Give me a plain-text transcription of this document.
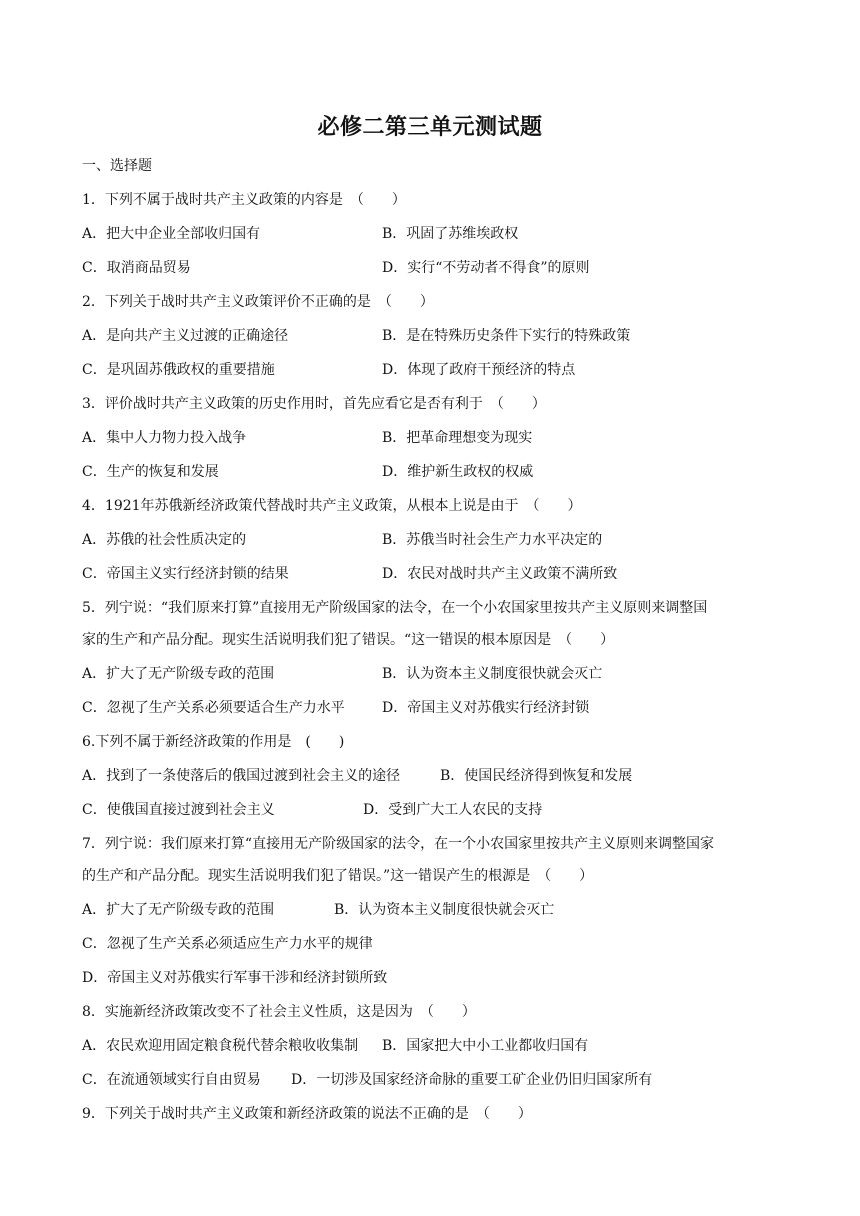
必修二第三单元测试题
一、选择题
1．下列不属于战时共产主义政策的内容是　（　　）
A．把大中企业全部收归国有	B．巩固了苏维埃政权
C．取消商品贸易	D．实行“不劳动者不得食”的原则
2．下列关于战时共产主义政策评价不正确的是　（　　）
A．是向共产主义过渡的正确途径	B．是在特殊历史条件下实行的特殊政策
C．是巩固苏俄政权的重要措施	D．体现了政府干预经济的特点
3．评价战时共产主义政策的历史作用时，首先应看它是否有利于　（　　）
A．集中人力物力投入战争	B．把革命理想变为现实
C．生产的恢复和发展	D．维护新生政权的权威
4．1921年苏俄新经济政策代替战时共产主义政策，从根本上说是由于　（　　）
A．苏俄的社会性质决定的	B．苏俄当时社会生产力水平决定的
C．帝国主义实行经济封锁的结果	D．农民对战时共产主义政策不满所致
5．列宁说：“我们原来打算”直接用无产阶级国家的法令，在一个小农国家里按共产主义原则来调整国
家的生产和产品分配。现实生活说明我们犯了错误。“这一错误的根本原因是　（　　）
A．扩大了无产阶级专政的范围	B．认为资本主义制度很快就会灭亡
C．忽视了生产关系必须要适合生产力水平	D．帝国主义对苏俄实行经济封锁
6.下列不属于新经济政策的作用是　(　　)
A．找到了一条使落后的俄国过渡到社会主义的途径	B．使国民经济得到恢复和发展
C．使俄国直接过渡到社会主义	D．受到广大工人农民的支持
7．列宁说：我们原来打算“直接用无产阶级国家的法令，在一个小农国家里按共产主义原则来调整国家
的生产和产品分配。现实生活说明我们犯了错误。”这一错误产生的根源是　（　　）
A．扩大了无产阶级专政的范围	B．认为资本主义制度很快就会灭亡
C．忽视了生产关系必须适应生产力水平的规律
D．帝国主义对苏俄实行军事干涉和经济封锁所致
8．实施新经济政策改变不了社会主义性质，这是因为　（　　）
A．农民欢迎用固定粮食税代替余粮收收集制 B．国家把大中小工业都收归国有
C．在流通领域实行自由贸易 D．一切涉及国家经济命脉的重要工矿企业仍旧归国家所有
9．下列关于战时共产主义政策和新经济政策的说法不正确的是　（　　）
